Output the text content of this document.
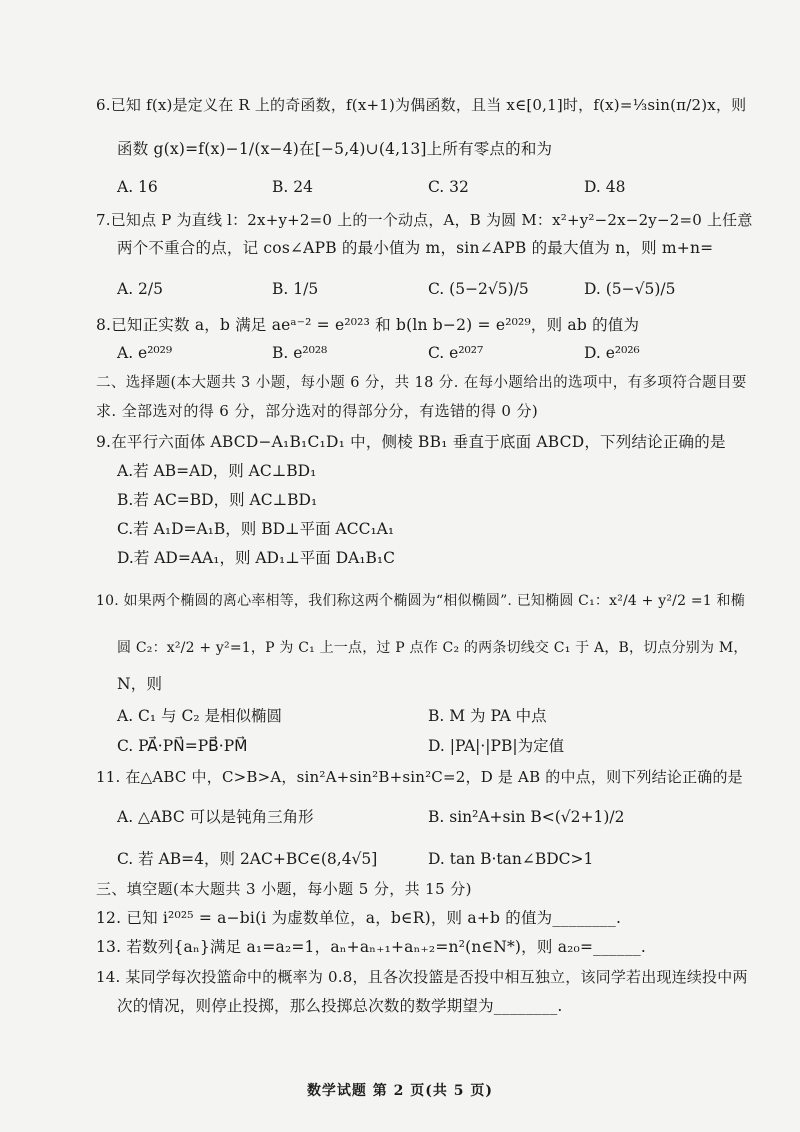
6.已知 f(x)是定义在 R 上的奇函数，f(x+1)为偶函数，且当 x∈[0,1]时，f(x)=⅓sin(π/2)x，则
函数 g(x)=f(x)−1/(x−4)在[−5,4)∪(4,13]上所有零点的和为
A. 16	B. 24	C. 32	D. 48
7.已知点 P 为直线 l：2x+y+2=0 上的一个动点，A，B 为圆 M：x²+y²−2x−2y−2=0 上任意
两个不重合的点，记 cos∠APB 的最小值为 m，sin∠APB 的最大值为 n，则 m+n=
A. 2/5	B. 1/5	C. (5−2√5)/5	D. (5−√5)/5
8.已知正实数 a，b 满足 aeᵃ⁻² = e²⁰²³ 和 b(ln b−2) = e²⁰²⁹，则 ab 的值为
A. e²⁰²⁹	B. e²⁰²⁸	C. e²⁰²⁷	D. e²⁰²⁶
二、选择题(本大题共 3 小题，每小题 6 分，共 18 分. 在每小题给出的选项中，有多项符合题目要
求. 全部选对的得 6 分，部分选对的得部分分，有选错的得 0 分)
9.在平行六面体 ABCD−A₁B₁C₁D₁ 中，侧棱 BB₁ 垂直于底面 ABCD，下列结论正确的是
A.若 AB=AD，则 AC⊥BD₁
B.若 AC=BD，则 AC⊥BD₁
C.若 A₁D=A₁B，则 BD⊥平面 ACC₁A₁
D.若 AD=AA₁，则 AD₁⊥平面 DA₁B₁C
10. 如果两个椭圆的离心率相等，我们称这两个椭圆为“相似椭圆”. 已知椭圆 C₁：x²/4 + y²/2 =1 和椭
圆 C₂：x²/2 + y²=1，P 为 C₁ 上一点，过 P 点作 C₂ 的两条切线交 C₁ 于 A，B，切点分别为 M，
N，则
A. C₁ 与 C₂ 是相似椭圆	B. M 为 PA 中点
C. PA⃗·PN⃗=PB⃗·PM⃗	D. |PA|·|PB|为定值
11. 在△ABC 中，C>B>A，sin²A+sin²B+sin²C=2，D 是 AB 的中点，则下列结论正确的是
A. △ABC 可以是钝角三角形	B. sin²A+sin B<(√2+1)/2
C. 若 AB=4，则 2AC+BC∈(8,4√5]	D. tan B·tan∠BDC>1
三、填空题(本大题共 3 小题，每小题 5 分，共 15 分)
12. 已知 i²⁰²⁵ = a−bi(i 为虚数单位，a，b∈R)，则 a+b 的值为________.
13. 若数列{aₙ}满足 a₁=a₂=1，aₙ+aₙ₊₁+aₙ₊₂=n²(n∈N*)，则 a₂₀=______.
14. 某同学每次投篮命中的概率为 0.8，且各次投篮是否投中相互独立，该同学若出现连续投中两
次的情况，则停止投掷，那么投掷总次数的数学期望为________.
数学试题 第 2 页(共 5 页)
